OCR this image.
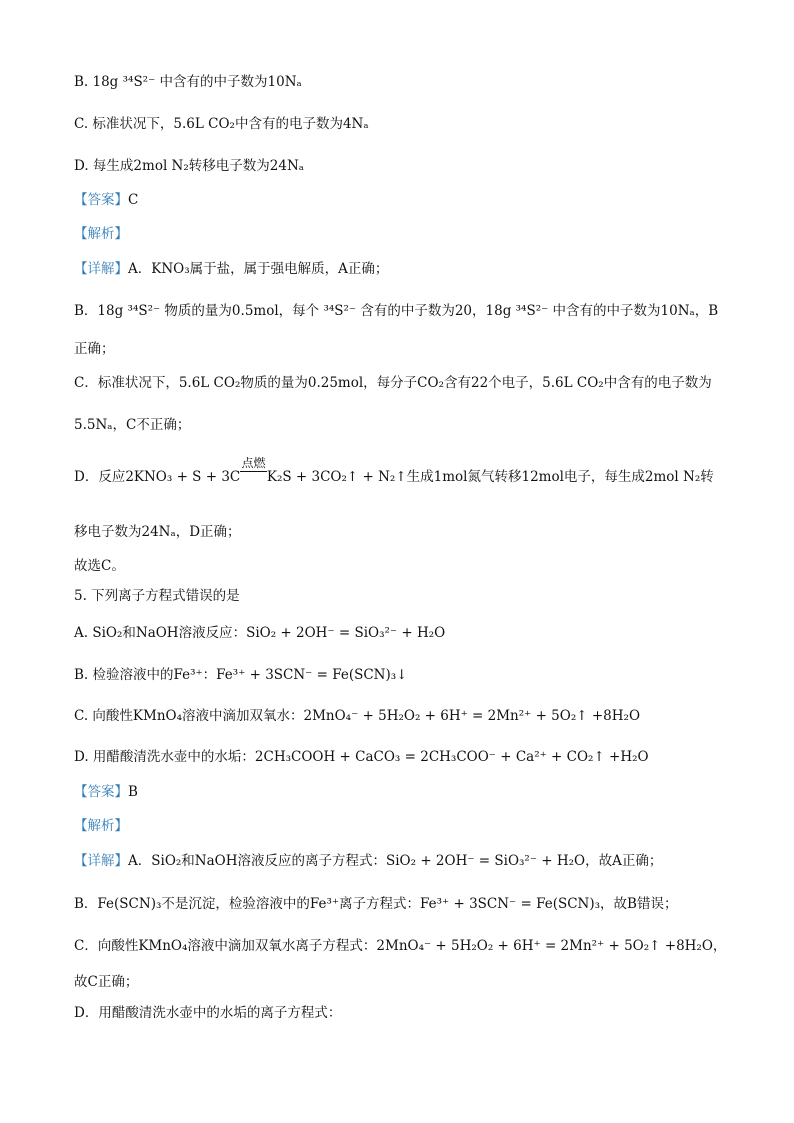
B. 18g ³⁴S²⁻ 中含有的中子数为10Nₐ
C. 标准状况下，5.6L CO₂中含有的电子数为4Nₐ
D. 每生成2mol N₂转移电子数为24Nₐ
【答案】C
【解析】
【详解】A．KNO₃属于盐，属于强电解质，A正确；
B．18g ³⁴S²⁻ 物质的量为0.5mol，每个 ³⁴S²⁻ 含有的中子数为20，18g ³⁴S²⁻ 中含有的中子数为10Nₐ，B
正确；
C．标准状况下，5.6L CO₂物质的量为0.25mol，每分子CO₂含有22个电子，5.6L CO₂中含有的电子数为
5.5Nₐ，C不正确；
移电子数为24Nₐ，D正确；
故选C。
5. 下列离子方程式错误的是
A. SiO₂和NaOH溶液反应：SiO₂ + 2OH⁻ = SiO₃²⁻ + H₂O
B. 检验溶液中的Fe³⁺：Fe³⁺ + 3SCN⁻ = Fe(SCN)₃↓
C. 向酸性KMnO₄溶液中滴加双氧水：2MnO₄⁻ + 5H₂O₂ + 6H⁺ = 2Mn²⁺ + 5O₂↑ +8H₂O
D. 用醋酸清洗水壶中的水垢：2CH₃COOH + CaCO₃ = 2CH₃COO⁻ + Ca²⁺ + CO₂↑ +H₂O
【答案】B
【解析】
【详解】A．SiO₂和NaOH溶液反应的离子方程式：SiO₂ + 2OH⁻ = SiO₃²⁻ + H₂O，故A正确；
B．Fe(SCN)₃不是沉淀，检验溶液中的Fe³⁺离子方程式：Fe³⁺ + 3SCN⁻ = Fe(SCN)₃，故B错误；
C．向酸性KMnO₄溶液中滴加双氧水离子方程式：2MnO₄⁻ + 5H₂O₂ + 6H⁺ = 2Mn²⁺ + 5O₂↑ +8H₂O，
故C正确；
D．用醋酸清洗水壶中的水垢的离子方程式：
D．反应2KNO₃ + S + 3C
点燃
K₂S + 3CO₂↑ + N₂↑生成1mol氮气转移12mol电子，每生成2mol N₂转
